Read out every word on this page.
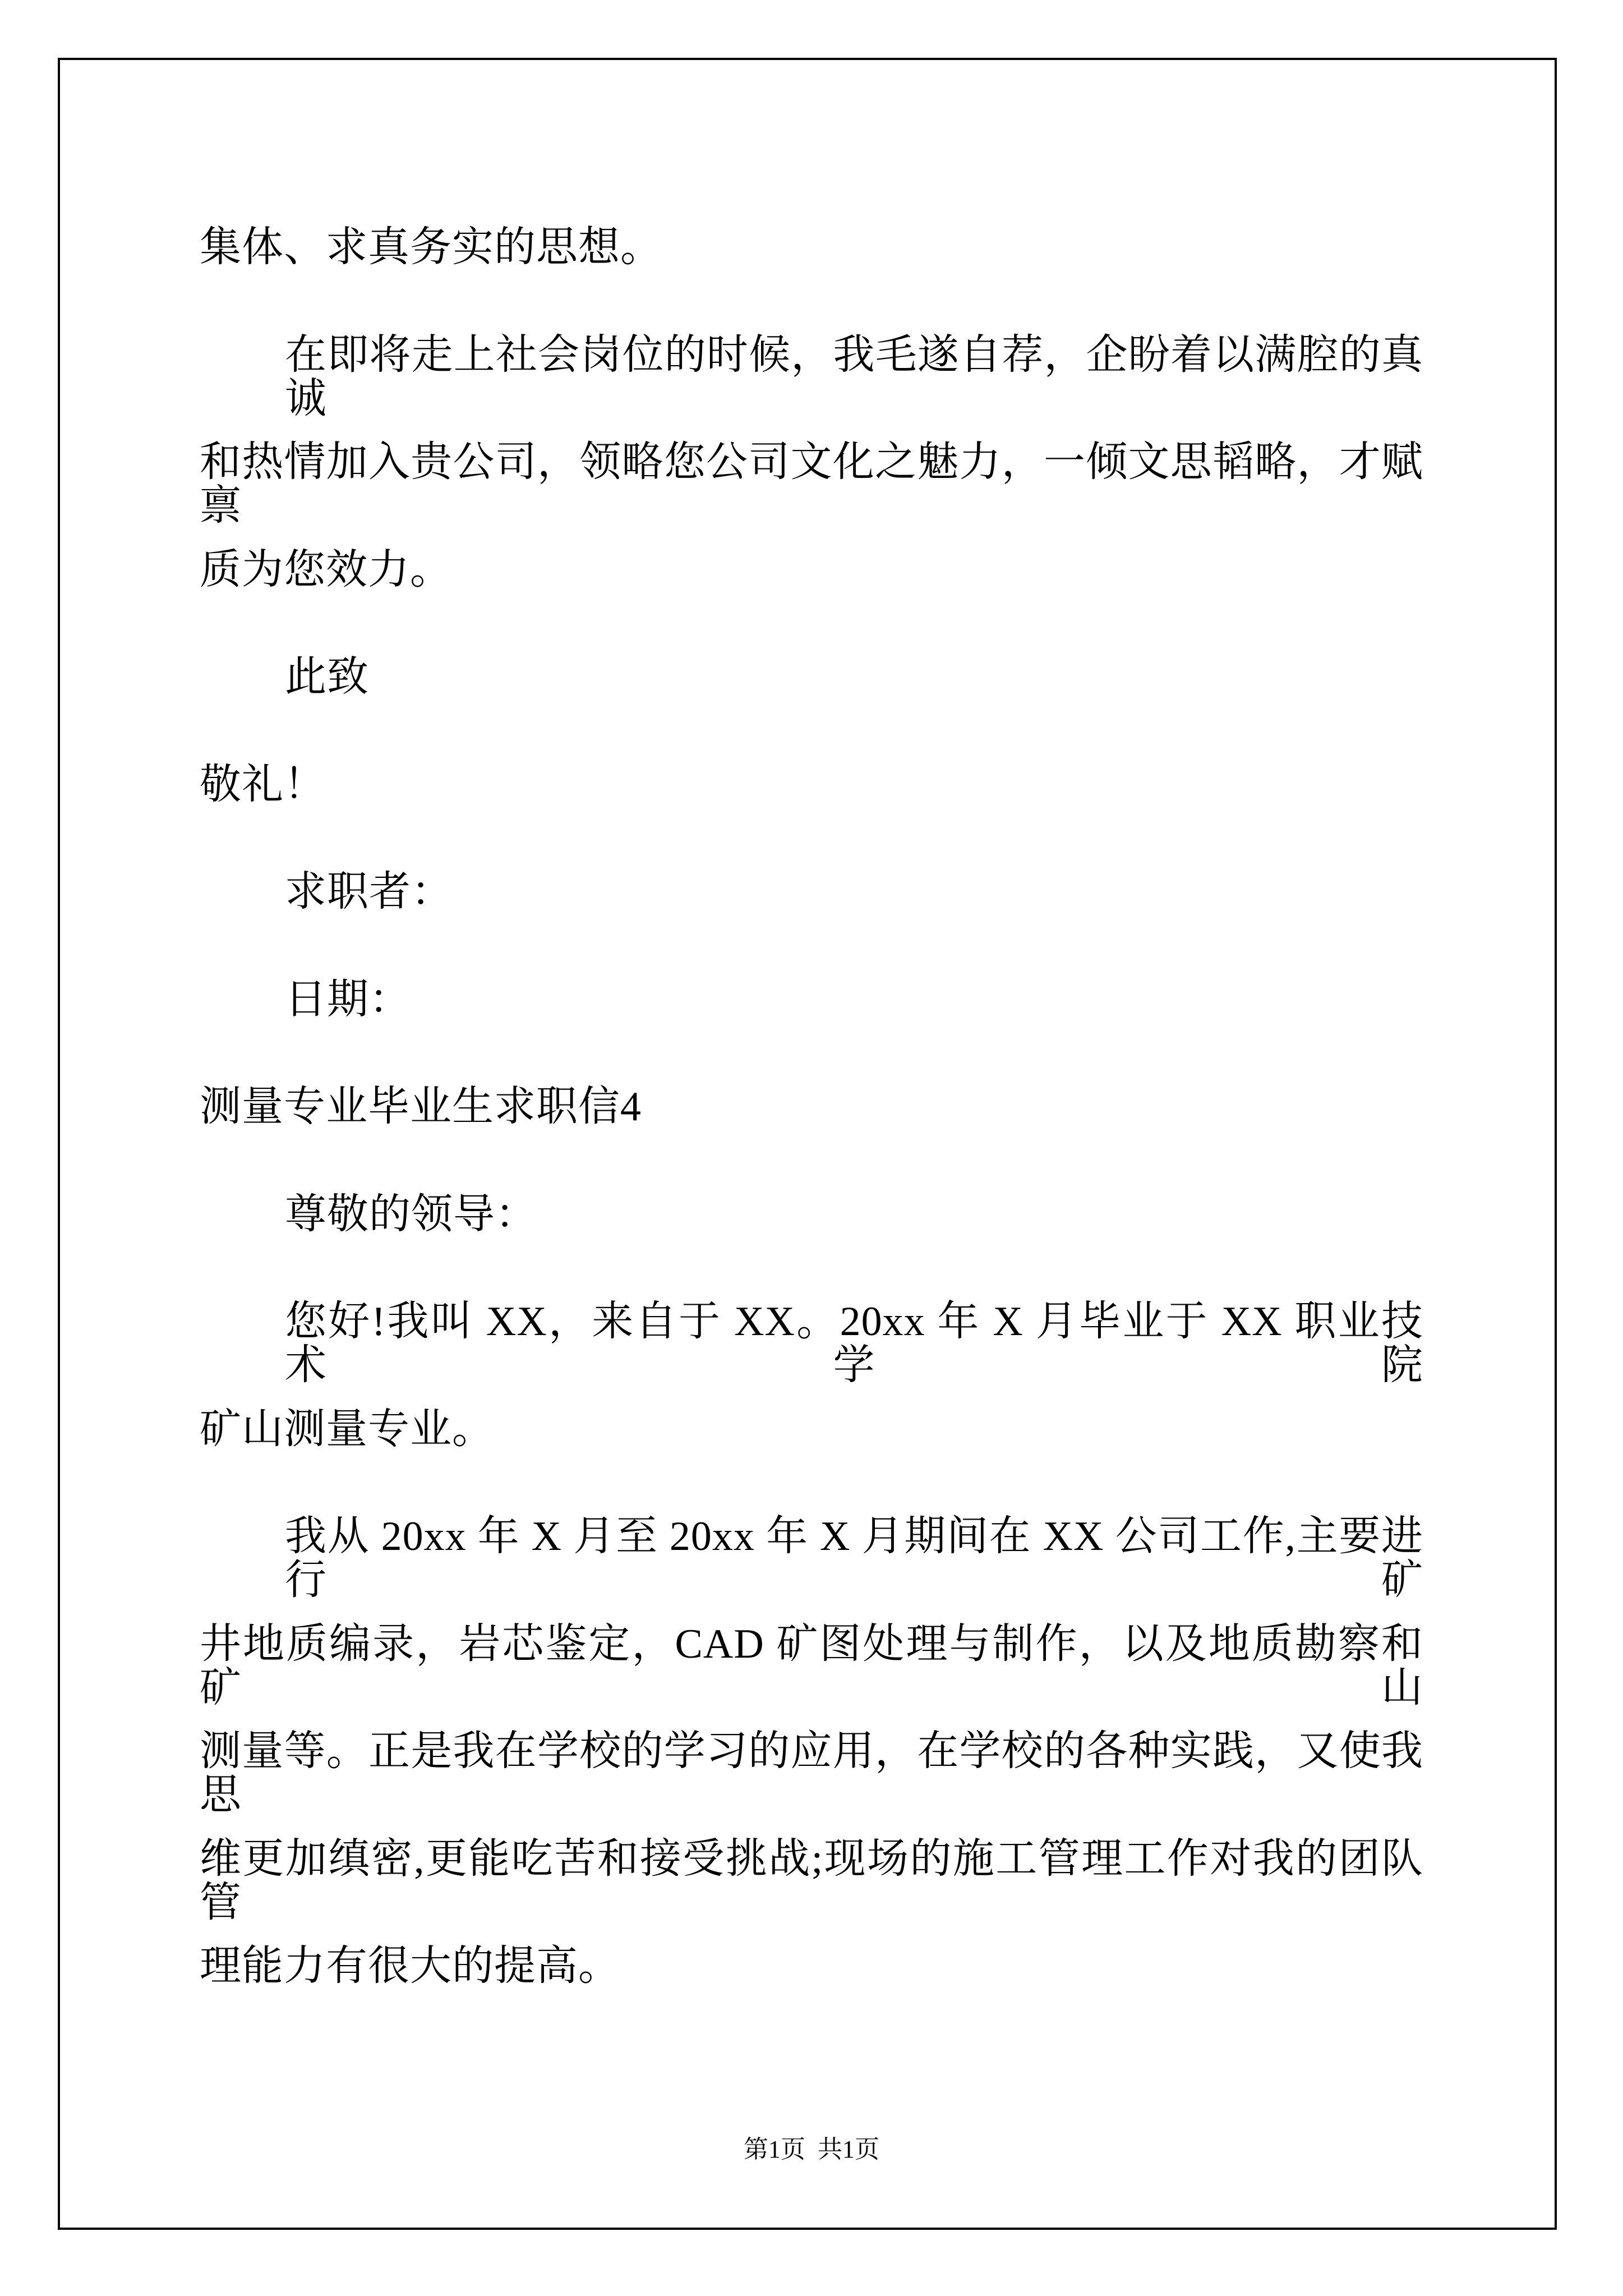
集体、求真务实的思想。
在即将走上社会岗位的时候，我毛遂自荐，企盼着以满腔的真诚
和热情加入贵公司，领略您公司文化之魅力，一倾文思韬略，才赋禀
质为您效力。
此致
敬礼！
求职者：
日期：
测量专业毕业生求职信4
尊敬的领导：
您好!我叫 XX，来自于 XX。20xx 年 X 月毕业于 XX 职业技术学院
矿山测量专业。
我从 20xx 年 X 月至 20xx 年 X 月期间在 XX 公司工作,主要进行矿
井地质编录，岩芯鉴定，CAD 矿图处理与制作，以及地质勘察和矿山
测量等。正是我在学校的学习的应用，在学校的各种实践，又使我思
维更加缜密,更能吃苦和接受挑战;现场的施工管理工作对我的团队管
理能力有很大的提高。
第1页  共1页
